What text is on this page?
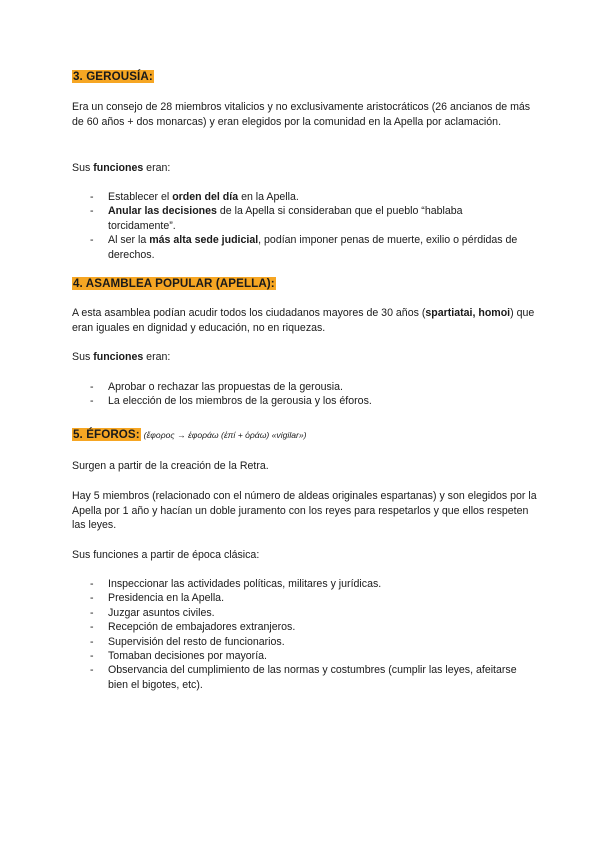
3. GEROUSÍA:
Era un consejo de 28 miembros vitalicios y no exclusivamente aristocráticos (26 ancianos de más de 60 años + dos monarcas) y eran elegidos por la comunidad en la Apella por aclamación.
Sus funciones eran:
- Establecer el orden del día en la Apella.
- Anular las decisiones de la Apella si consideraban que el pueblo “hablaba torcidamente”.
- Al ser la más alta sede judicial, podían imponer penas de muerte, exilio o pérdidas de derechos.
4. ASAMBLEA POPULAR (APELLA):
A esta asamblea podían acudir todos los ciudadanos mayores de 30 años (spartiatai, homoi) que eran iguales en dignidad y educación, no en riquezas.
Sus funciones eran:
- Aprobar o rechazar las propuestas de la gerousia.
- La elección de los miembros de la gerousia y los éforos.
5. ÉFOROS: (ἔφορος → ἐφοράω (ἐπί + ὁράω) «vigilar»)
Surgen a partir de la creación de la Retra.
Hay 5 miembros (relacionado con el número de aldeas originales espartanas) y son elegidos por la Apella por 1 año y hacían un doble juramento con los reyes para respetarlos y que ellos respeten las leyes.
Sus funciones a partir de época clásica:
- Inspeccionar las actividades políticas, militares y jurídicas.
- Presidencia en la Apella.
- Juzgar asuntos civiles.
- Recepción de embajadores extranjeros.
- Supervisión del resto de funcionarios.
- Tomaban decisiones por mayoría.
- Observancia del cumplimiento de las normas y costumbres (cumplir las leyes, afeitarse bien el bigotes, etc).
